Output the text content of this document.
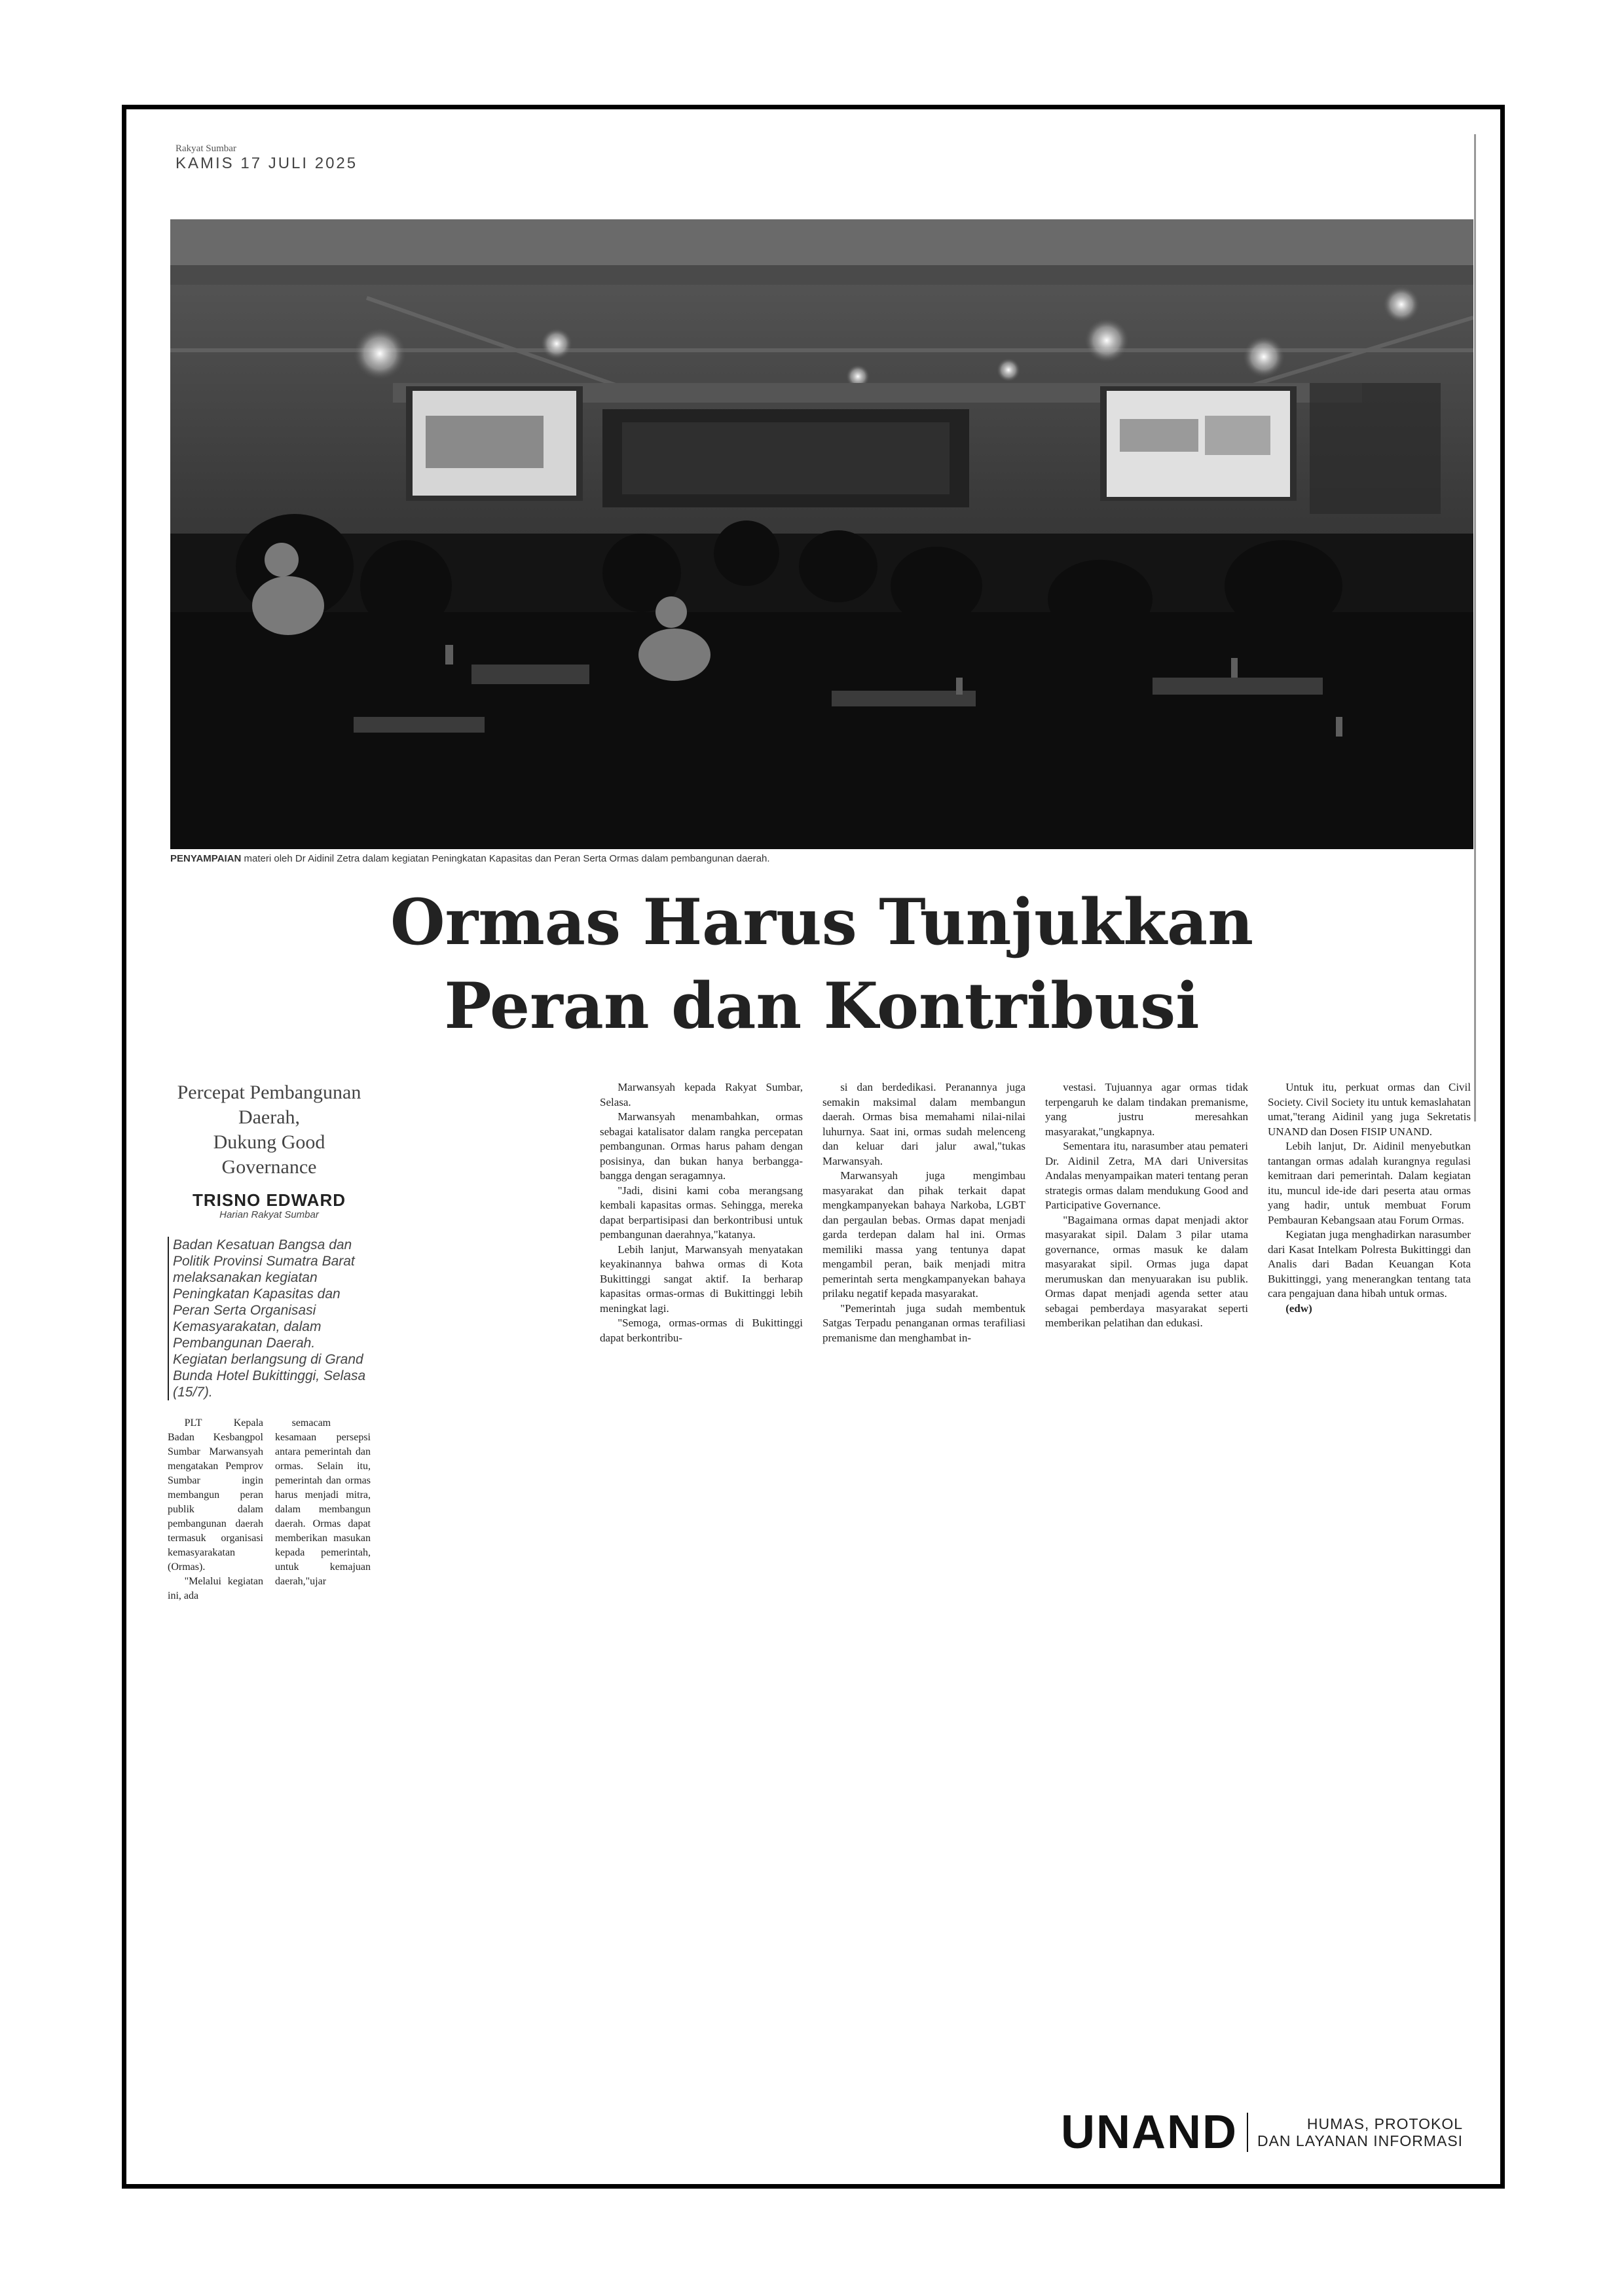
Rakyat Sumbar
KAMIS 17 JULI 2025
PENYAMPAIAN materi oleh Dr Aidinil Zetra dalam kegiatan Peningkatan Kapasitas dan Peran Serta Ormas dalam pembangunan daerah.
Ormas Harus Tunjukkan
Peran dan Kontribusi
Percepat Pembangunan Daerah,
Dukung Good Governance
TRISNO EDWARD
Harian Rakyat Sumbar

Badan Kesatuan Bangsa dan Politik Provinsi Sumatra Barat melaksanakan kegiatan Peningkatan Kapasitas dan Peran Serta Organisasi Kemasyarakatan, dalam Pembangunan Daerah. Kegiatan berlangsung di Grand Bunda Hotel Bukittinggi, Selasa (15/7).

PLT Kepala Badan Kesbangpol Sumbar Marwansyah mengatakan Pemprov Sumbar ingin membangun peran publik dalam pembangunan daerah termasuk organisasi kemasyarakatan (Ormas).

"Melalui kegiatan ini, ada

semacam kesamaan persepsi antara pemerintah dan ormas. Selain itu, pemerintah dan ormas harus menjadi mitra, dalam membangun daerah. Ormas dapat memberikan masukan kepada pemerintah, untuk kemajuan daerah,"ujar

Marwansyah kepada Rakyat Sumbar, Selasa.

Marwansyah menambahkan, ormas sebagai katalisator dalam rangka percepatan pembangunan. Ormas harus paham dengan posisinya, dan bukan hanya berbangga-bangga dengan seragamnya.

"Jadi, disini kami coba merangsang kembali kapasitas ormas. Sehingga, mereka dapat berpartisipasi dan berkontribusi untuk pembangunan daerahnya,"katanya.

Lebih lanjut, Marwansyah menyatakan keyakinannya bahwa ormas di Kota Bukittinggi sangat aktif. Ia berharap kapasitas ormas-ormas di Bukittinggi lebih meningkat lagi.

"Semoga, ormas-ormas di Bukittinggi dapat berkontribu-

si dan berdedikasi. Peranannya juga semakin maksimal dalam membangun daerah. Ormas bisa memahami nilai-nilai luhurnya. Saat ini, ormas sudah melenceng dan keluar dari jalur awal,"tukas Marwansyah.

Marwansyah juga mengimbau masyarakat dan pihak terkait dapat mengkampanyekan bahaya Narkoba, LGBT dan pergaulan bebas. Ormas dapat menjadi garda terdepan dalam hal ini. Ormas memiliki massa yang tentunya dapat mengambil peran, baik menjadi mitra pemerintah serta mengkampanyekan bahaya prilaku negatif kepada masyarakat.

"Pemerintah juga sudah membentuk Satgas Terpadu penanganan ormas terafiliasi premanisme dan menghambat in-

vestasi. Tujuannya agar ormas tidak terpengaruh ke dalam tindakan premanisme, yang justru meresahkan masyarakat,"ungkapnya.

Sementara itu, narasumber atau pemateri Dr. Aidinil Zetra, MA dari Universitas Andalas menyampaikan materi tentang peran strategis ormas dalam mendukung Good and Participative Governance.

"Bagaimana ormas dapat menjadi aktor masyarakat sipil. Dalam 3 pilar utama governance, ormas masuk ke dalam masyarakat sipil. Ormas juga dapat merumuskan dan menyuarakan isu publik. Ormas dapat menjadi agenda setter atau sebagai pemberdaya masyarakat seperti memberikan pelatihan dan edukasi.

Untuk itu, perkuat ormas dan Civil Society. Civil Society itu untuk kemaslahatan umat,"terang Aidinil yang juga Sekretatis UNAND dan Dosen FISIP UNAND.

Lebih lanjut, Dr. Aidinil menyebutkan tantangan ormas adalah kurangnya regulasi kemitraan dari pemerintah. Dalam kegiatan itu, muncul ide-ide dari peserta atau ormas yang hadir, untuk membuat Forum Pembauran Kebangsaan atau Forum Ormas.

Kegiatan juga menghadirkan narasumber dari Kasat Intelkam Polresta Bukittinggi dan Analis dari Badan Keuangan Kota Bukittinggi, yang menerangkan tentang tata cara pengajuan dana hibah untuk ormas.

(edw)

UNAND	HUMAS, PROTOKOL
DAN LAYANAN INFORMASI
